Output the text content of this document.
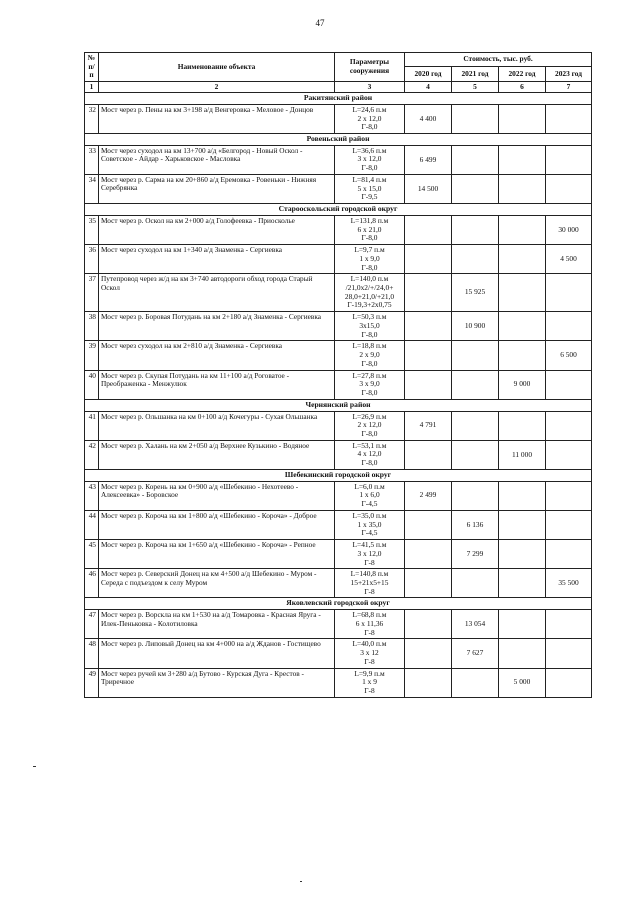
47
№ п/п	Наименование объекта	Параметры сооружения	Стоимость, тыс. руб.			
			2020 год	2021 год	2022 год	2023 год
1	2	3	4	5	6	7
Ракитянский район						
32	Мост через р. Пены на км 3+198 а/д Венгеровка - Меловое - Донцов	L=24,6 п.м
2 x 12,0
Г-8,0	4 400			
Ровеньский район						
33	Мост через суходол на км 13+700 а/д «Белгород - Новый Оскол - Советское - Айдар - Харьковское - Масловка	L=36,6 п.м
3 x 12,0
Г-8,0	6 499			
34	Мост через р. Сарма на км 20+860 а/д Еремовка - Ровеньки - Нижняя Серебрянка	L=81,4 п.м
5 x 15,0
Г-9,5	14 500			
Старооскольский городской округ						
35	Мост через р. Оскол на км 2+000 а/д Голофеевка - Приосколье	L=131,8 п.м
6 x 21,0
Г-8,0				30 000
36	Мост через суходол на км 1+340 а/д Знаменка - Сергиевка	L=9,7 п.м
1 x 9,0
Г-8,0				4 500
37	Путепровод через ж/д на км 3+740 автодороги обход города Старый Оскол	L=140,0 п.м
/21,0x2/+/24,0+
28,0+21,0/+21,0
Г-19,3+2x0,75		15 925		
38	Мост через р. Боровая Потудань на км 2+180 а/д Знаменка - Сергиевка	L=50,3 п.м
3x15,0
Г-8,0		10 900		
39	Мост через суходол на км 2+810 а/д Знаменка - Сергиевка	L=18,8 п.м
2 x 9,0
Г-8,0				6 500
40	Мост через р. Скупая Потудань на км 11+100 а/д Роговатое - Преображенка - Менжулюк	L=27,8 п.м
3 x 9,0
Г-8,0			9 000	
Чернянский район						
41	Мост через р. Ольшанка на км 0+100 а/д Кочегуры - Сухая Ольшанка	L=26,9 п.м
2 x 12,0
Г-8,0	4 791			
42	Мост через р. Халань на км 2+050 а/д Верхнее Кузькино - Водяное	L=53,1 п.м
4 x 12,0
Г-8,0			11 000	
Шебекинский городской округ						
43	Мост через р. Корень на км 0+900 а/д «Шебекино - Нехотеево - Алексеевка» - Боровское	L=6,0 п.м
1 x 6,0
Г-4,5	2 499			
44	Мост через р. Короча на км 1+800 а/д «Шебекино - Короча» - Доброе	L=35,0 п.м
1 x 35,0
Г-4,5		6 136		
45	Мост через р. Короча на км 1+650 а/д «Шебекино - Короча» - Репное	L=41,5 п.м
3 x 12,0
Г-8		7 299		
46	Мост через р. Северский Донец на км 4+500 а/д Шебекино - Муром - Середа с подъездом к селу Муром	L=140,8 п.м
15+21x5+15
Г-8				35 500
Яковлевский городской округ						
47	Мост через р. Ворскла на км 1+530 на а/д Томаровка - Красная Яруга - Илек-Пеньковка - Колотиловка	L=68,8 п.м
6 x 11,36
Г-8		13 054		
48	Мост через р. Липовый Донец на км 4+000 на а/д Жданов - Гостищево	L=40,0 п.м
3 x 12
Г-8		7 627		
49	Мост через ручей км 3+280 а/д Бутово - Курская Дуга - Крестов - Триречное	L=9,9 п.м
1 x 9
Г-8			5 000	
